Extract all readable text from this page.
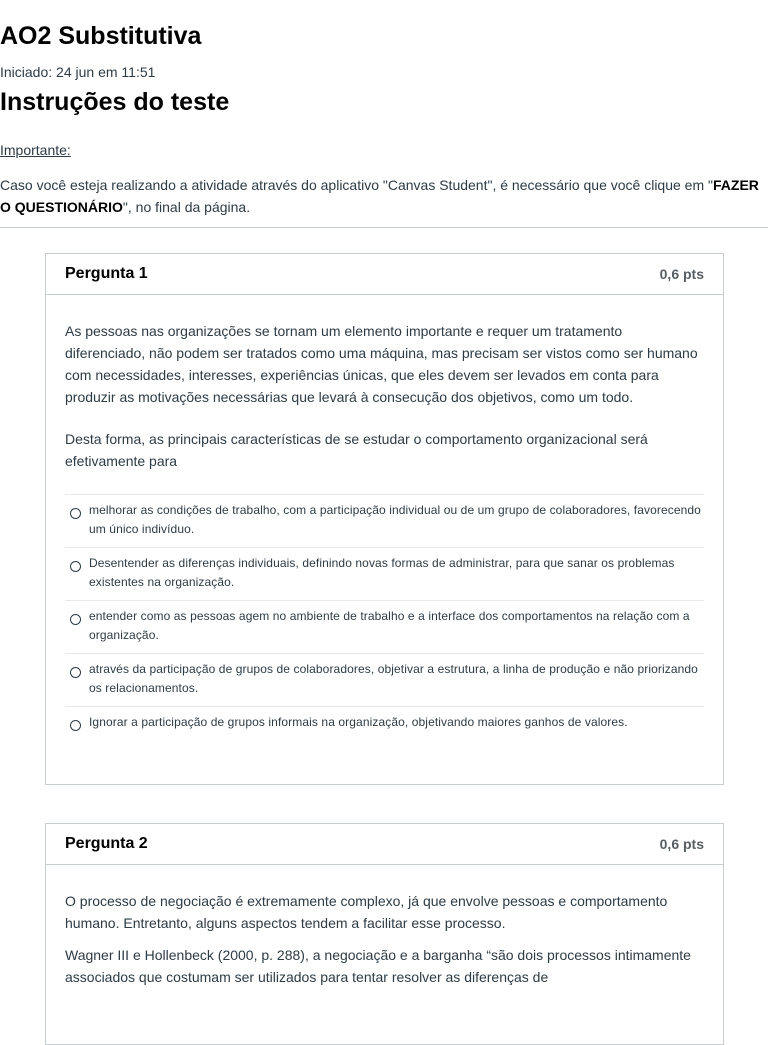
AO2 Substitutiva
Iniciado: 24 jun em 11:51
Instruções do teste
Importante:
Caso você esteja realizando a atividade através do aplicativo "Canvas Student", é necessário que você clique em "FAZER O QUESTIONÁRIO", no final da página.
Pergunta 1	0,6 pts

As pessoas nas organizações se tornam um elemento importante e requer um tratamento diferenciado, não podem ser tratados como uma máquina, mas precisam ser vistos como ser humano com necessidades, interesses, experiências únicas, que eles devem ser levados em conta para produzir as motivações necessárias que levará à consecução dos objetivos, como um todo.

Desta forma, as principais características de se estudar o comportamento organizacional será efetivamente para

melhorar as condições de trabalho, com a participação individual ou de um grupo de colaboradores, favorecendo um único indivíduo.
Desentender as diferenças individuais, definindo novas formas de administrar, para que sanar os problemas existentes na organização.
entender como as pessoas agem no ambiente de trabalho e a interface dos comportamentos na relação com a organização.
através da participação de grupos de colaboradores, objetivar a estrutura, a linha de produção e não priorizando os relacionamentos.
Ignorar a participação de grupos informais na organização, objetivando maiores ganhos de valores.
Pergunta 2	0,6 pts

O processo de negociação é extremamente complexo, já que envolve pessoas e comportamento humano. Entretanto, alguns aspectos tendem a facilitar esse processo.

Wagner III e Hollenbeck (2000, p. 288), a negociação e a barganha “são dois processos intimamente associados que costumam ser utilizados para tentar resolver as diferenças de
